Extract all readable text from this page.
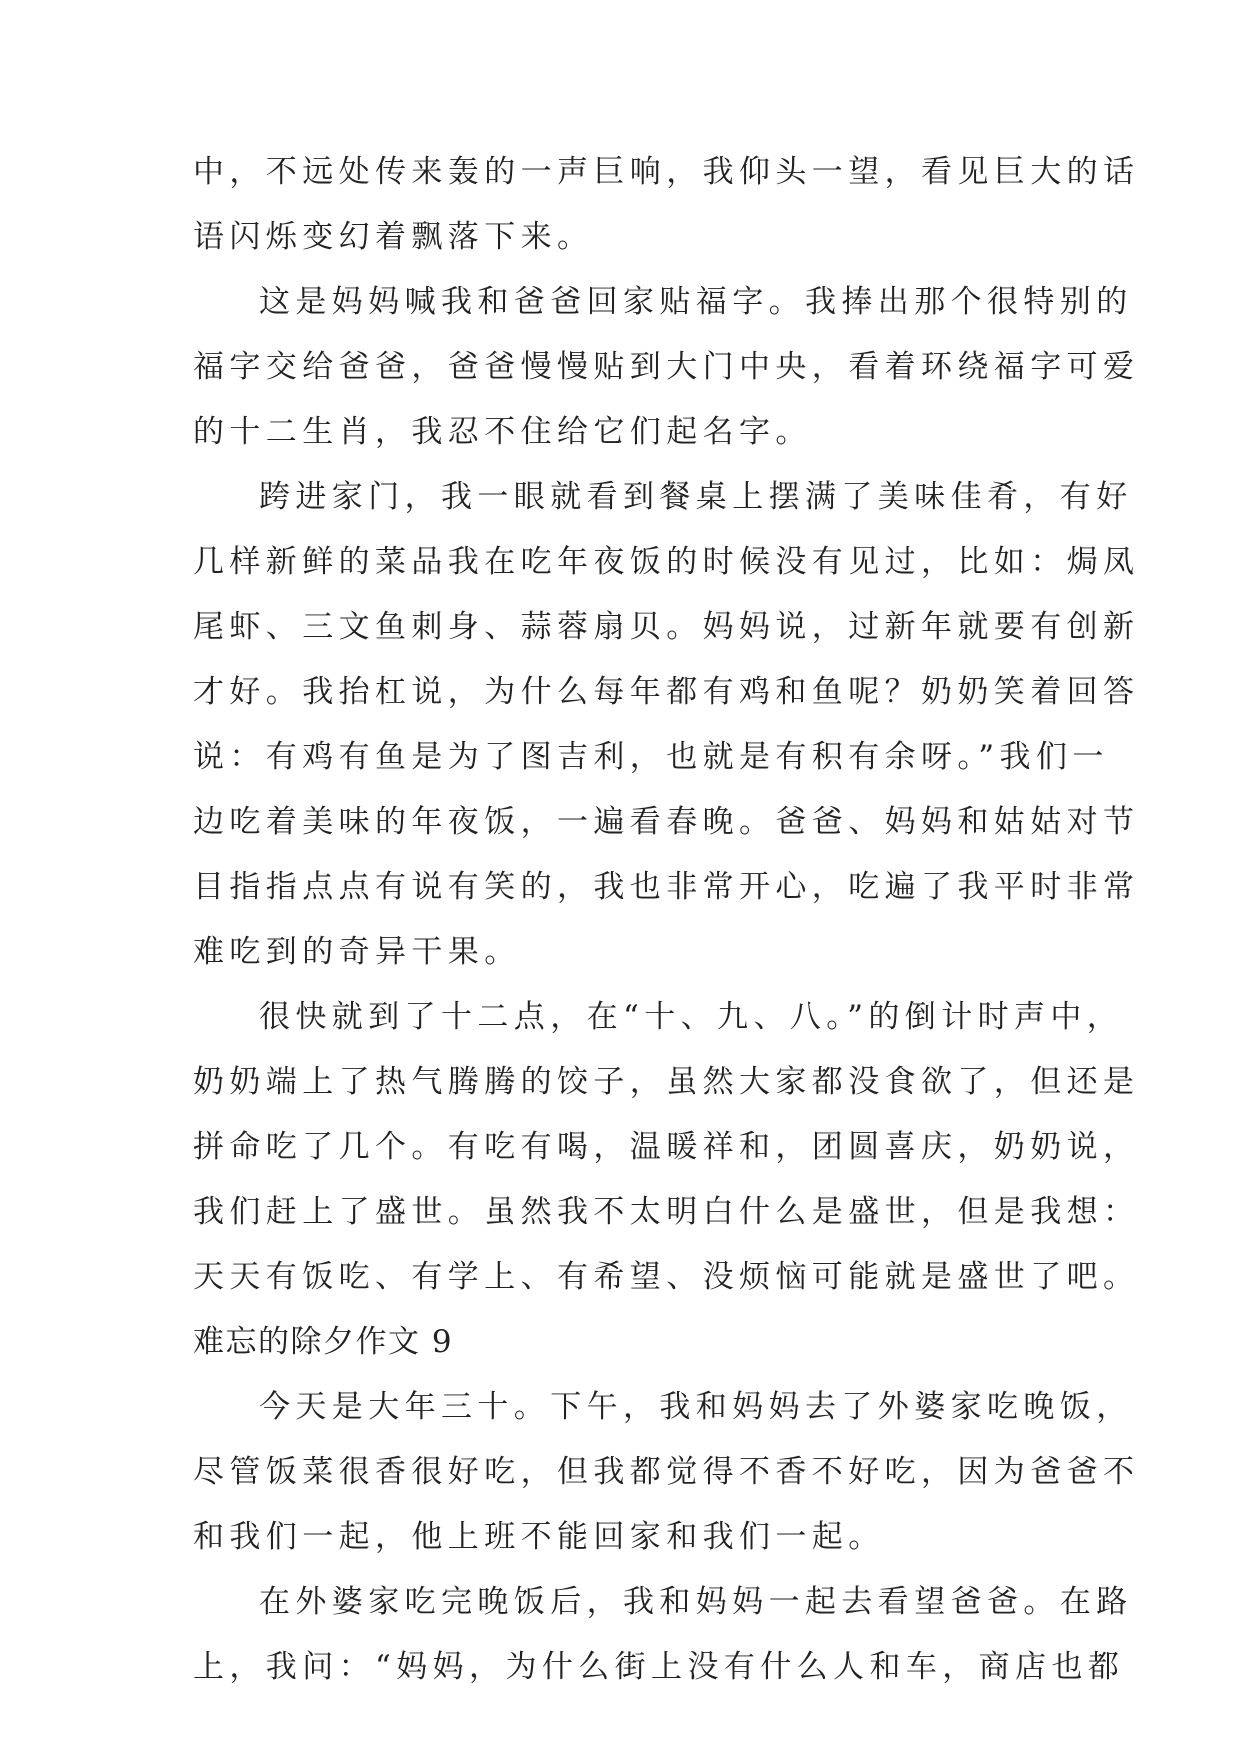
中，不远处传来轰的一声巨响，我仰头一望，看见巨大的话
语闪烁变幻着飘落下来。
这是妈妈喊我和爸爸回家贴福字。我捧出那个很特别的
福字交给爸爸，爸爸慢慢贴到大门中央，看着环绕福字可爱
的十二生肖，我忍不住给它们起名字。
跨进家门，我一眼就看到餐桌上摆满了美味佳肴，有好
几样新鲜的菜品我在吃年夜饭的时候没有见过，比如：焗凤
尾虾、三文鱼刺身、蒜蓉扇贝。妈妈说，过新年就要有创新
才好。我抬杠说，为什么每年都有鸡和鱼呢？奶奶笑着回答
说：有鸡有鱼是为了图吉利，也就是有积有余呀。”我们一
边吃着美味的年夜饭，一遍看春晚。爸爸、妈妈和姑姑对节
目指指点点有说有笑的，我也非常开心，吃遍了我平时非常
难吃到的奇异干果。
很快就到了十二点，在“十、九、八。”的倒计时声中，
奶奶端上了热气腾腾的饺子，虽然大家都没食欲了，但还是
拼命吃了几个。有吃有喝，温暖祥和，团圆喜庆，奶奶说，
我们赶上了盛世。虽然我不太明白什么是盛世，但是我想：
天天有饭吃、有学上、有希望、没烦恼可能就是盛世了吧。
难忘的除夕作文 9
今天是大年三十。下午，我和妈妈去了外婆家吃晚饭，
尽管饭菜很香很好吃，但我都觉得不香不好吃，因为爸爸不
和我们一起，他上班不能回家和我们一起。
在外婆家吃完晚饭后，我和妈妈一起去看望爸爸。在路
上，我问：“妈妈，为什么街上没有什么人和车，商店也都
